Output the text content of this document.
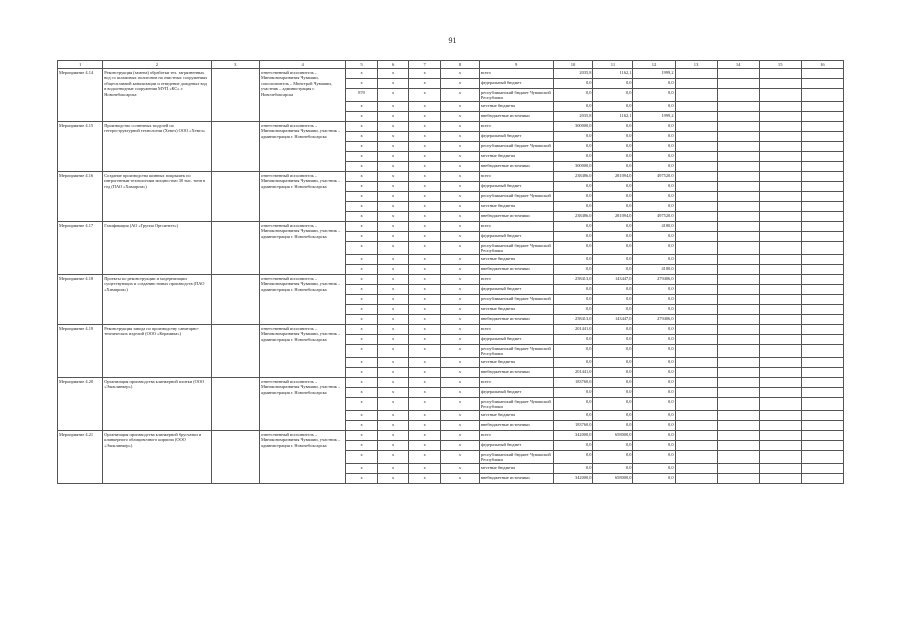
91
1	2	3	4	5	6	7	8	9	10	11	12	13	14	15	16
Мероприятие 4.14	Реконструкция (замена) обработки тех. загрязненных вод со шламовых полигонов на очистных сооружениях общесплавной канализации и отведение дождевых вод в водоотводные сооружения МУП «КС» г. Новочебоксарска		ответственный исполнитель – Минэкономразвития Чувашии, соисполнитель – Минстрой Чувашии, участник – администрация г. Новочебоксарска	x	x	x	x	всего	2035,8	1162,1	1999,2				
				x	x	x	x	федеральный бюджет	0,0	0,0	0,0				
				870	x	x	x	республиканский бюджет Чувашской Республики	0,0	0,0	0,0				
				x	x	x	x	местные бюджеты	0,0	0,0	0,0				
				x	x	x	x	внебюджетные источники	2035,8	1162,1	1999,2				
Мероприятие 4.15	Производство солнечных модулей по гетероструктурной технологии (Хевел) ООО «Хевел»		ответственный исполнитель – Минэкономразвития Чувашии, участник – администрация г. Новочебоксарска	x	x	x	x	всего	300000,0	0,0	0,0				
				x	x	x	x	федеральный бюджет	0,0	0,0	0,0				
				x	x	x	x	республиканский бюджет Чувашской	0,0	0,0	0,0				
				x	x	x	x	местные бюджеты	0,0	0,0	0,0				
				x	x	x	x	внебюджетные источники	300000,0	0,0	0,0				
Мероприятие 4.16	Создание производства шинных покрышек по интрогенным технологиям мощностью 30 тыс. тонн в год (ПАО «Химпром»)		ответственный исполнитель – Минэкономразвития Чувашии, участник – администрация г. Новочебоксарска	x	x	x	x	всего	238486,0	281094,0	497520,0				
				x	x	x	x	федеральный бюджет	0,0	0,0	0,0				
				x	x	x	x	республиканский бюджет Чувашской	0,0	0,0	0,0				
				x	x	x	x	местные бюджеты	0,0	0,0	0,0				
				x	x	x	x	внебюджетные источники	238486,0	281094,0	497520,0				
Мероприятие 4.17	Газификация (АО «Группа Оргсинтез»)		ответственный исполнитель – Минэкономразвития Чувашии, участник – администрация г. Новочебоксарска	x	x	x	x	всего	0,0	0,0	4180,0				
				x	x	x	x	федеральный бюджет	0,0	0,0	0,0				
				x	x	x	x	республиканский бюджет Чувашской Республики	0,0	0,0	0,0				
				x	x	x	x	местные бюджеты	0,0	0,0	0,0				
				x	x	x	x	внебюджетные источники	0,0	0,0	4180,0				
Мероприятие 4.18	Проекты по реконструкции и модернизации существующих и созданию новых производств (ПАО «Химпром»)		ответственный исполнитель – Минэкономразвития Чувашии, участник – администрация г. Новочебоксарска	x	x	x	x	всего	258413,0	143447,0	279406,0				
				x	x	x	x	федеральный бюджет	0,0	0,0	0,0				
				x	x	x	x	республиканский бюджет Чувашской	0,0	0,0	0,0				
				x	x	x	x	местные бюджеты	0,0	0,0	0,0				
				x	x	x	x	внебюджетные источники	258413,0	143447,0	279406,0				
Мероприятие 4.19	Реконструкция завода по производству санитарно-технических изделий (ООО «Керамика»)		ответственный исполнитель – Минэкономразвития Чувашии, участник – администрация г. Новочебоксарска	x	x	x	x	всего	201441,0	0,0	0,0				
				x	x	x	x	федеральный бюджет	0,0	0,0	0,0				
				x	x	x	x	республиканский бюджет Чувашской Республики	0,0	0,0	0,0				
				x	x	x	x	местные бюджеты	0,0	0,0	0,0				
				x	x	x	x	внебюджетные источники	201441,0	0,0	0,0				
Мероприятие 4.20	Организация производства клинкерной плитки (ООО «Экоклинкер»)		ответственный исполнитель – Минэкономразвития Чувашии, участник – администрация г. Новочебоксарска	x	x	x	x	всего	183760,0	0,0	0,0				
				x	x	x	x	федеральный бюджет	0,0	0,0	0,0				
				x	x	x	x	республиканский бюджет Чувашской Республики	0,0	0,0	0,0				
				x	x	x	x	местные бюджеты	0,0	0,0	0,0				
				x	x	x	x	внебюджетные источники	183760,0	0,0	0,0				
Мероприятие 4.21	Организация производства клинкерной брусчатки и клинкерного облицовочного кирпича (ООО «Экоклинкер»)		ответственный исполнитель – Минэкономразвития Чувашии, участник – администрация г. Новочебоксарска	x	x	x	x	всего	342000,0	658000,0	0,0				
				x	x	x	x	федеральный бюджет	0,0	0,0	0,0				
				x	x	x	x	республиканский бюджет Чувашской Республики	0,0	0,0	0,0				
				x	x	x	x	местные бюджеты	0,0	0,0	0,0				
				x	x	x	x	внебюджетные источники	342000,0	658000,0	0,0				
